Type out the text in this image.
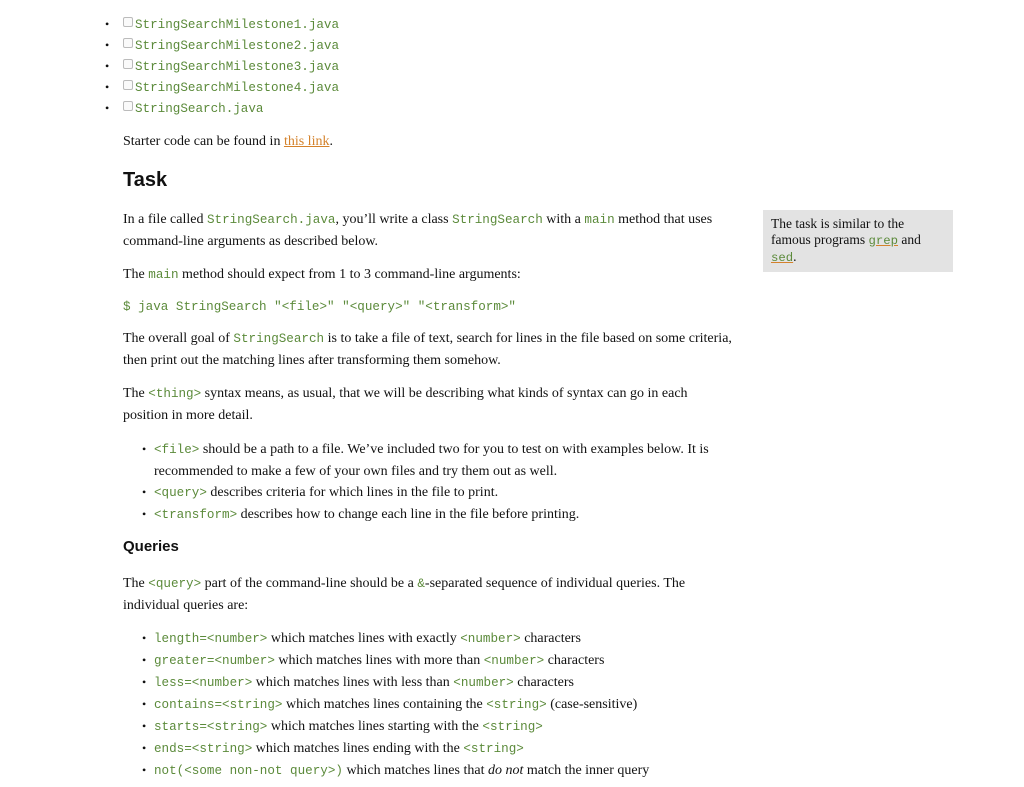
• StringSearchMilestone1.java
• StringSearchMilestone2.java
• StringSearchMilestone3.java
• StringSearchMilestone4.java
• StringSearch.java

Starter code can be found in this link.

Task

In a file called StringSearch.java, you’ll write a class StringSearch with a main method that uses command-line arguments as described below.

The main method should expect from 1 to 3 command-line arguments:

$ java StringSearch "<file>" "<query>" "<transform>"

The overall goal of StringSearch is to take a file of text, search for lines in the file based on some criteria, then print out the matching lines after transforming them somehow.

The <thing> syntax means, as usual, that we will be describing what kinds of syntax can go in each position in more detail.

• <file> should be a path to a file. We’ve included two for you to test on with examples below. It is recommended to make a few of your own files and try them out as well.
• <query> describes criteria for which lines in the file to print.
• <transform> describes how to change each line in the file before printing.
Queries

The <query> part of the command-line should be a &-separated sequence of individual queries. The individual queries are:

• length=<number> which matches lines with exactly <number> characters
• greater=<number> which matches lines with more than <number> characters
• less=<number> which matches lines with less than <number> characters
• contains=<string> which matches lines containing the <string> (case-sensitive)
• starts=<string> which matches lines starting with the <string>
• ends=<string> which matches lines ending with the <string>
• not(<some non-not query>) which matches lines that do not match the inner query
The task is similar to the famous programs grep and sed.
